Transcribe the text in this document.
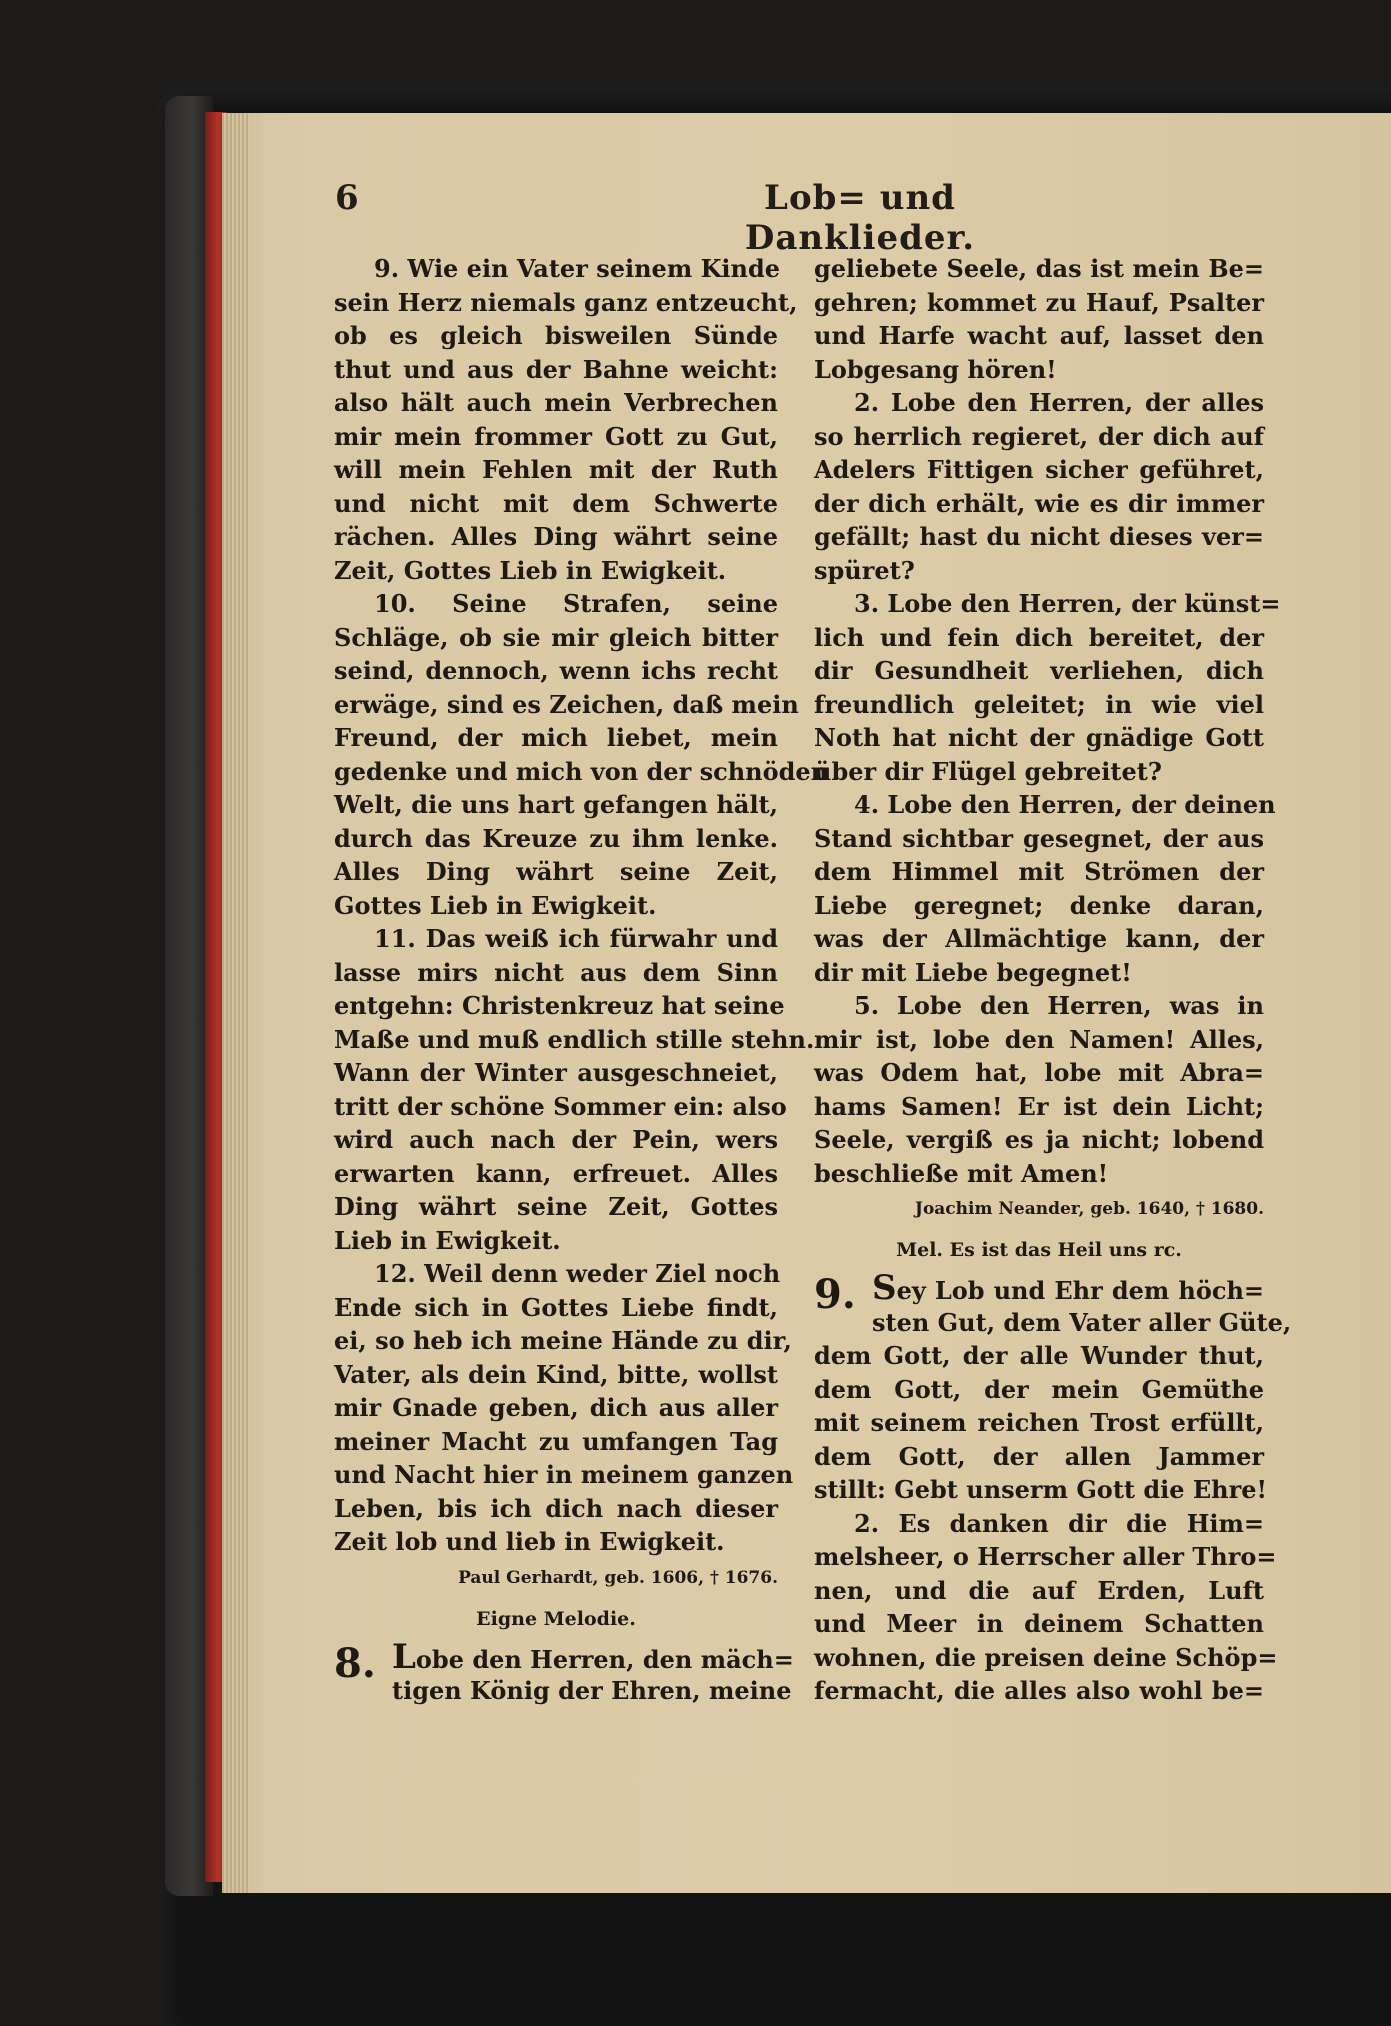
6	Lob= und Danklieder.
9. Wie ein Vater seinem Kinde
sein Herz niemals ganz entzeucht,
ob es gleich bisweilen Sünde
thut und aus der Bahne weicht:
also hält auch mein Verbrechen
mir mein frommer Gott zu Gut,
will mein Fehlen mit der Ruth
und nicht mit dem Schwerte
rächen. Alles Ding währt seine
Zeit, Gottes Lieb in Ewigkeit.
10. Seine Strafen, seine
Schläge, ob sie mir gleich bitter
seind, dennoch, wenn ichs recht
erwäge, sind es Zeichen, daß mein
Freund, der mich liebet, mein
gedenke und mich von der schnöden
Welt, die uns hart gefangen hält,
durch das Kreuze zu ihm lenke.
Alles Ding währt seine Zeit,
Gottes Lieb in Ewigkeit.
11. Das weiß ich fürwahr und
lasse mirs nicht aus dem Sinn
entgehn: Christenkreuz hat seine
Maße und muß endlich stille stehn.
Wann der Winter ausgeschneiet,
tritt der schöne Sommer ein: also
wird auch nach der Pein, wers
erwarten kann, erfreuet. Alles
Ding währt seine Zeit, Gottes
Lieb in Ewigkeit.
12. Weil denn weder Ziel noch
Ende sich in Gottes Liebe findt,
ei, so heb ich meine Hände zu dir,
Vater, als dein Kind, bitte, wollst
mir Gnade geben, dich aus aller
meiner Macht zu umfangen Tag
und Nacht hier in meinem ganzen
Leben, bis ich dich nach dieser
Zeit lob und lieb in Ewigkeit.
Paul Gerhardt, geb. 1606, † 1676.
Eigne Melodie.
8. Lobe den Herren, den mäch=
tigen König der Ehren, meine
geliebete Seele, das ist mein Be=
gehren; kommet zu Hauf, Psalter
und Harfe wacht auf, lasset den
Lobgesang hören!
2. Lobe den Herren, der alles
so herrlich regieret, der dich auf
Adelers Fittigen sicher geführet,
der dich erhält, wie es dir immer
gefällt; hast du nicht dieses ver=
spüret?
3. Lobe den Herren, der künst=
lich und fein dich bereitet, der
dir Gesundheit verliehen, dich
freundlich geleitet; in wie viel
Noth hat nicht der gnädige Gott
über dir Flügel gebreitet?
4. Lobe den Herren, der deinen
Stand sichtbar gesegnet, der aus
dem Himmel mit Strömen der
Liebe geregnet; denke daran,
was der Allmächtige kann, der
dir mit Liebe begegnet!
5. Lobe den Herren, was in
mir ist, lobe den Namen! Alles,
was Odem hat, lobe mit Abra=
hams Samen! Er ist dein Licht;
Seele, vergiß es ja nicht; lobend
beschließe mit Amen!
Joachim Neander, geb. 1640, † 1680.
Mel. Es ist das Heil uns rc.
9. Sey Lob und Ehr dem höch=
sten Gut, dem Vater aller Güte,
dem Gott, der alle Wunder thut,
dem Gott, der mein Gemüthe
mit seinem reichen Trost erfüllt,
dem Gott, der allen Jammer
stillt: Gebt unserm Gott die Ehre!
2. Es danken dir die Him=
melsheer, o Herrscher aller Thro=
nen, und die auf Erden, Luft
und Meer in deinem Schatten
wohnen, die preisen deine Schöp=
fermacht, die alles also wohl be=
